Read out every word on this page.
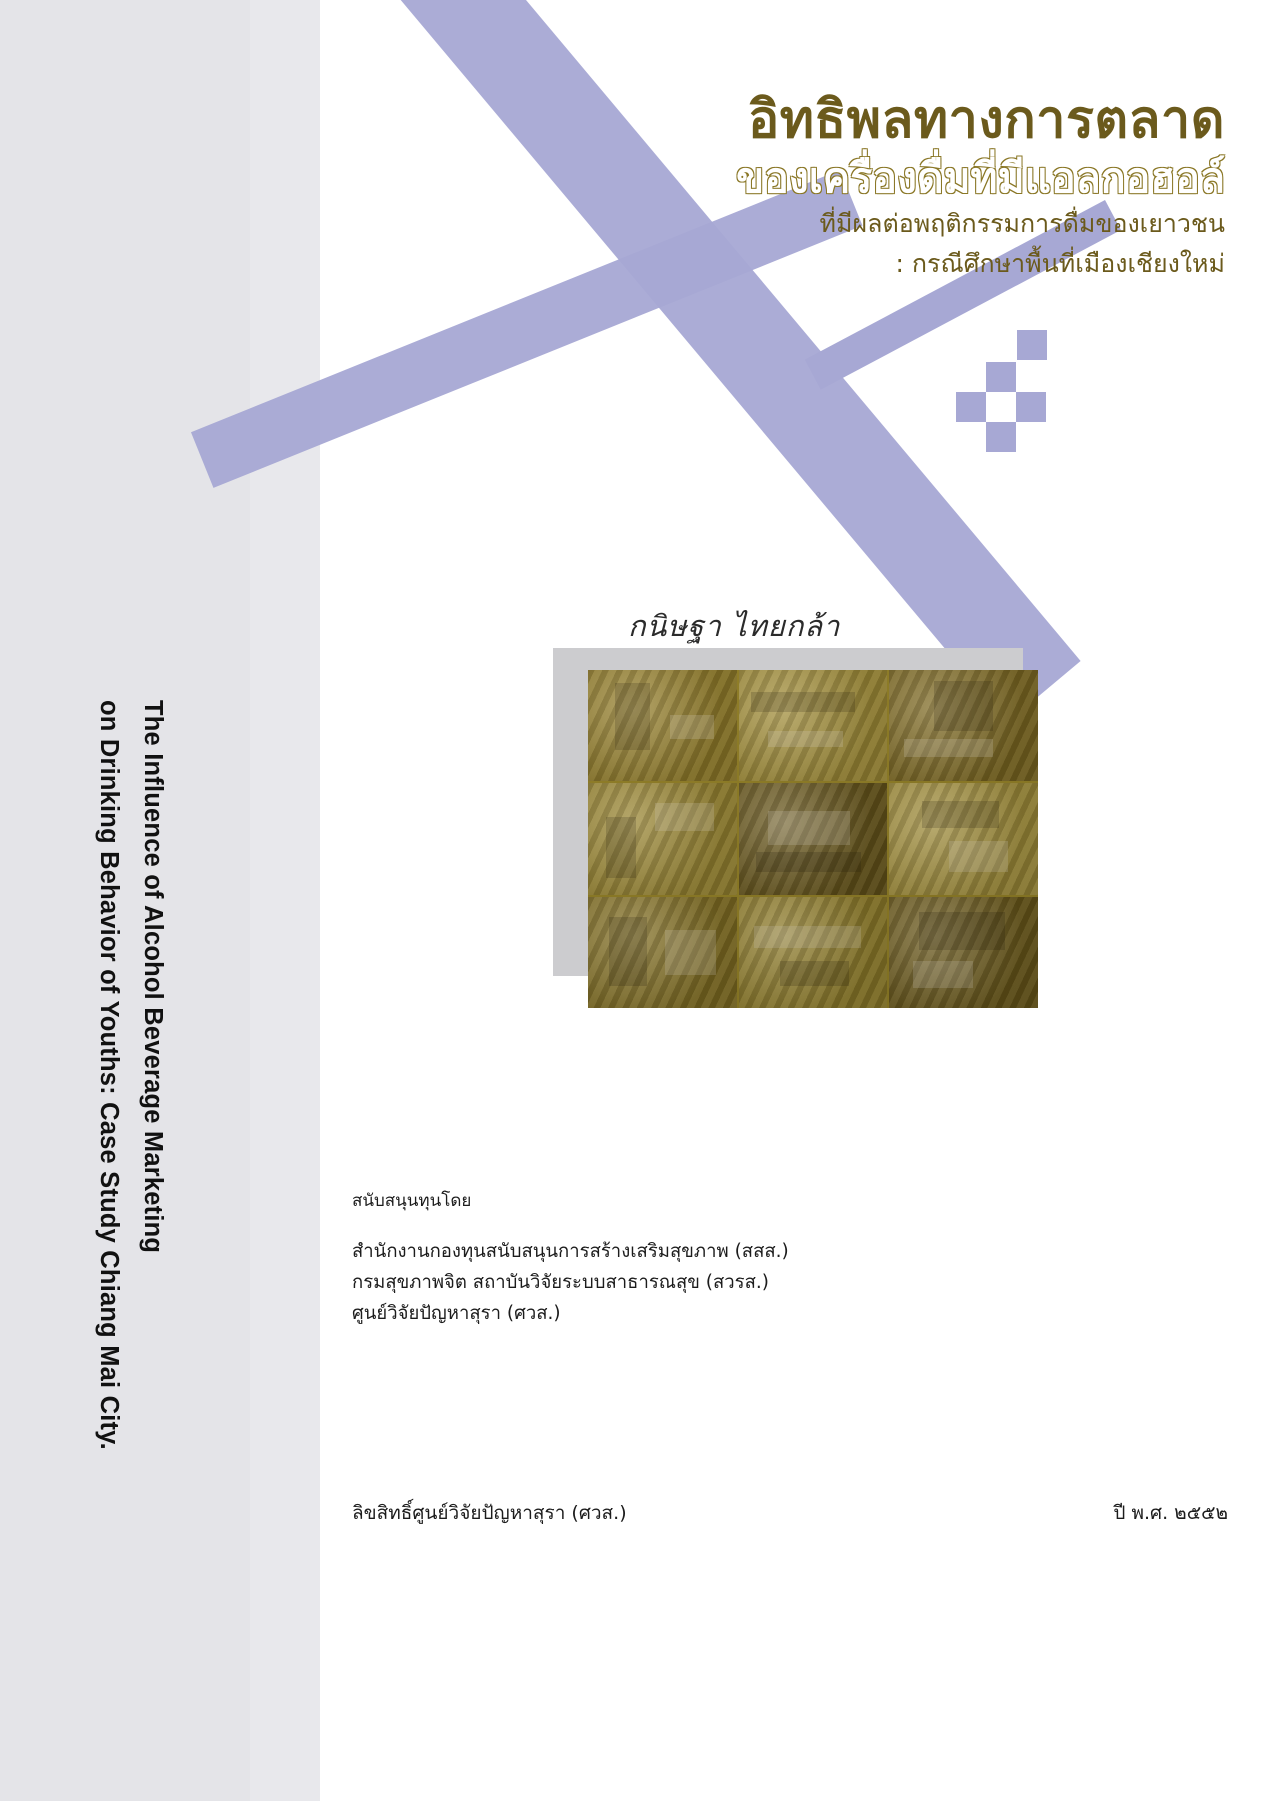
อิทธิพลทางการตลาด
ของเครื่องดื่มที่มีแอลกอฮอล์
ที่มีผลต่อพฤติกรรมการดื่มของเยาวชน
: กรณีศึกษาพื้นที่เมืองเชียงใหม่
กนิษฐา ไทยกล้า
The Influence of Alcohol Beverage Marketing
on Drinking Behavior of Youths: Case Study Chiang Mai City.	สนับสนุนทุนโดย
สำนักงานกองทุนสนับสนุนการสร้างเสริมสุขภาพ (สสส.)
กรมสุขภาพจิต สถาบันวิจัยระบบสาธารณสุข (สวรส.)
ศูนย์วิจัยปัญหาสุรา (ศวส.)
ลิขสิทธิ์ศูนย์วิจัยปัญหาสุรา (ศวส.)	ปี พ.ศ. ๒๕๕๒
